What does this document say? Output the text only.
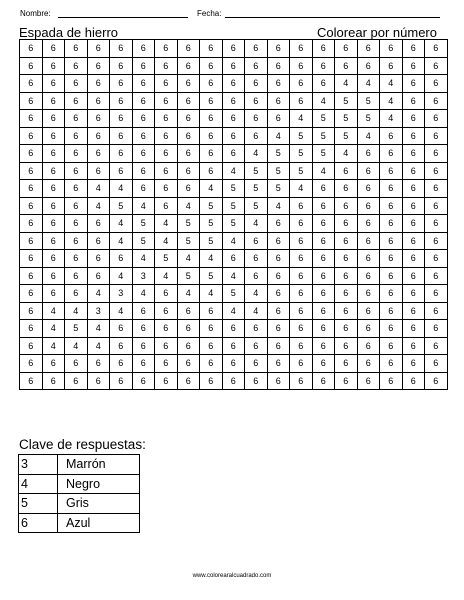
Nombre:	Fecha:
Espada de hierro	Colorear por número
6	6	6	6	6	6	6	6	6	6	6	6	6	6	6	6	6	6	6
6	6	6	6	6	6	6	6	6	6	6	6	6	6	6	6	6	6	6
6	6	6	6	6	6	6	6	6	6	6	6	6	6	4	4	4	6	6
6	6	6	6	6	6	6	6	6	6	6	6	6	4	5	5	4	6	6
6	6	6	6	6	6	6	6	6	6	6	6	4	5	5	5	4	6	6
6	6	6	6	6	6	6	6	6	6	6	4	5	5	5	4	6	6	6
6	6	6	6	6	6	6	6	6	6	4	5	5	5	4	6	6	6	6
6	6	6	6	6	6	6	6	6	4	5	5	5	4	6	6	6	6	6
6	6	6	4	4	6	6	6	4	5	5	5	4	6	6	6	6	6	6
6	6	6	4	5	4	6	4	5	5	5	4	6	6	6	6	6	6	6
6	6	6	6	4	5	4	5	5	5	4	6	6	6	6	6	6	6	6
6	6	6	6	4	5	4	5	5	4	6	6	6	6	6	6	6	6	6
6	6	6	6	6	4	5	4	4	6	6	6	6	6	6	6	6	6	6
6	6	6	6	4	3	4	5	5	4	6	6	6	6	6	6	6	6	6
6	6	6	4	3	4	6	4	4	5	4	6	6	6	6	6	6	6	6
6	4	4	3	4	6	6	6	6	4	4	6	6	6	6	6	6	6	6
6	4	5	4	6	6	6	6	6	6	6	6	6	6	6	6	6	6	6
6	4	4	4	6	6	6	6	6	6	6	6	6	6	6	6	6	6	6
6	6	6	6	6	6	6	6	6	6	6	6	6	6	6	6	6	6	6
6	6	6	6	6	6	6	6	6	6	6	6	6	6	6	6	6	6	6
Clave de respuestas:
3	Marrón
4	Negro
5	Gris
6	Azul
www.colorearalcuadrado.com
